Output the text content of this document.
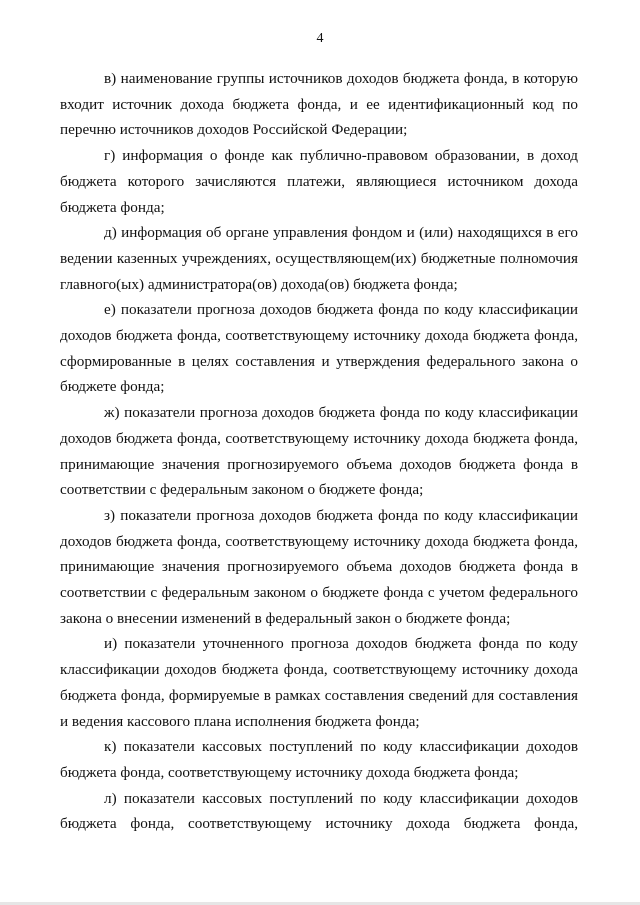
4

в) наименование группы источников доходов бюджета фонда, в которую входит источник дохода бюджета фонда, и ее идентификационный код по перечню источников доходов Российской Федерации;

г) информация о фонде как публично-правовом образовании, в доход бюджета которого зачисляются платежи, являющиеся источником дохода бюджета фонда;

д) информация об органе управления фондом и (или) находящихся в его ведении казенных учреждениях, осуществляющем(их) бюджетные полномочия главного(ых) администратора(ов) дохода(ов) бюджета фонда;

е) показатели прогноза доходов бюджета фонда по коду классификации доходов бюджета фонда, соответствующему источнику дохода бюджета фонда, сформированные в целях составления и утверждения федерального закона о бюджете фонда;

ж) показатели прогноза доходов бюджета фонда по коду классификации доходов бюджета фонда, соответствующему источнику дохода бюджета фонда, принимающие значения прогнозируемого объема доходов бюджета фонда в соответствии с федеральным законом о бюджете фонда;

з) показатели прогноза доходов бюджета фонда по коду классификации доходов бюджета фонда, соответствующему источнику дохода бюджета фонда, принимающие значения прогнозируемого объема доходов бюджета фонда в соответствии с федеральным законом о бюджете фонда с учетом федерального закона о внесении изменений в федеральный закон о бюджете фонда;

и) показатели уточненного прогноза доходов бюджета фонда по коду классификации доходов бюджета фонда, соответствующему источнику дохода бюджета фонда, формируемые в рамках составления сведений для составления и ведения кассового плана исполнения бюджета фонда;

к) показатели кассовых поступлений по коду классификации доходов бюджета фонда, соответствующему источнику дохода бюджета фонда;

л) показатели кассовых поступлений по коду классификации доходов бюджета фонда, соответствующему источнику дохода бюджета фонда,
